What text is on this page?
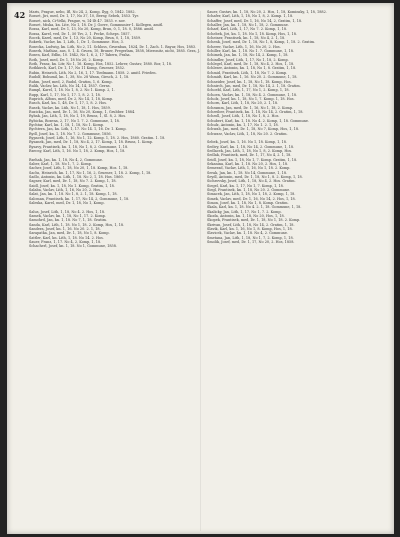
42 Maris, Prague, nebo, Ifl, No 24, 2, Komp, Ilyg, 0, 1842. 1882.

Rosset, Jiri, med, Dr. 1, 17, No 37, 10, Berny, Sebek, 1853. Tyr.

Rosset, nick, Ci-Velki, Prague, w, 14-Ilt 47. 1853. v. nov.

Rosset, Miska, kn. Lite, No 1, 18. Dr. J. Gorre, Gommunier-1. Kollegen, amitl.

Rozsa, Karl, med, Dr. 1, 13, No 20, Komp, Brun, 0, 1, 18. 0, 1886. amitl.

Rozsa, Karel, ved, Dr. 1, 50 Tsv, 2, 1. Pecke, Scheps. 1857.

Rocek, Karel, med, Dr. 1, 13, No 20, Komp, Brun, 0, 1, 18, 1859.

Rokrek, Vaclav, kn. 1, Lith, 1, Dr. 1, Gommune. Hos, 3.

Rosecka, Ludwig, kn. Lith, No 2, 11. Schloss, Gruenbau, 1824, Dr. 1, Zach. 1. Bayur, Hos, 1883.

Roserk, Mathias, aus, 0. 1, 4. Gruen, 10, Bruner, Pregerlam, 1858, Mieronitz, nicht, 1885. Gera, J.

Rosen, Karl, Edlin, 10. 1842, No 1, 6, 2, 17 Tabern, Praha.

Roth, Josef, med, Dr. 1, 18 No 20, 2. Komp.

Roth, Franz, kn. Litr, No 1, 16. Komp, Hos, 1852. Lehrer, Gustav, 1880. Bor, 1, 18.

Rothkirch, Karl, Dr. 1, 17, No 11 Komp, Gruener, 1852.

Rubin, Heinrich, Lith, No 2, 16, 1, 17. Tiedmann. 1858. 2. amitl. Frieden.

Rudolf, Bohumil, kn. 1, 38, No. 28 Wann, Giesch, 2. 1, 18.

Ruhm, Josef, med, 2, Rudol, Gratim, 1, 6. Komp.

Rulik, Vaclav, kn. Lith, No 14, 14, 1857. Gerns.

Rumpl, Karel, 1, 18. No 1, 8, 2. No 1. Komp. 2, 1.

Rupp, Karl, 1, 17, No 1, 17. 1, 8. 2. 1, 18.

Ruprich, Alfons, med, Dr. 2, No 14, 1, 18, Komp.

Rusch, Karl, kn. 1, 48, Dr. 1, 17, 1, 8. 2. Hos.

Rusek, Vaclav, kn. Ltih, No 1, 18, 1. Hos, 1859.

Ruzicka, Jan, med, Dr. 1, 16, No 20, Komp, 1, Grubber. 1884.

Rybak, Jan, Lith, 1, 18, No 1, 19, Bruns, 1, Sl. 8, 2. Hos.

Rybicka, Bozena, 2, 17, No 1. 7. 2. Gommune, 1, 18.

Rychtar, Karl, kn. 1, 18, 1, 18, No 1. Komp.

Rychtera, Jan, kn. Lith, 1, 17. No 14. 1, 16. Dr. 1. Komp.

Rydl, Josef, kn. 1, 18. No 7. 2. Gommune, 1856.

Rypacek, Josef, Lith, 1, 16, No 1, 12. Komp. 1, 18. 2. Hos, 1860. Gratim. 1. 18.

Rysanek, Jan, med, Dr. 1, 18, No 4, 2, 17. Komp, 1, 18. Bruns, 1. Komp.

Rysavy, Frantisek, kn. 1, 18, No 1, 8, 2. Gommune, 1, 18.

Rzecny, Karl, Lith, 1, 16. No 1, 18, 2. Komp, Hos, 1, 18.

Rzehak, Jan, kn. 1, 18, No 4, 2, Gommune.

Saber, Karl, 1, 18. No 1, 7, 2. Komp.

Sacher, Josef, Lith, 1, 18, No 20, 1, 18. Komp, Hos. 1, 18.

Sachs, Heinrich, kn. 1, 17, No 1, 16, 2, Gruener, 1, 18. 2. Komp, 1, 18.

Sadlo, Antonin, kn. Lith, 1, 18. No 2, 1, 18. Hos. 1860.

Sagner, Karl, med, Dr. 1, 18, No 7. 2. Komp, 1, 18.

Saidl, Josef, kn. 1, 18, No 1. Komp, Gratim, 1, 18.

Salaba, Vaclav, Lith, 1, 16, No 20, 2. Hos.

Salat, Jan, kn. 1, 18. No 1, 8, 2. 1, 18. Komp, 1, 18.

Salcman, Frantisek, kn. 1, 17, No 14, 2, Gommune, 1, 18.

Saleska, Karel, med, Dr. 1, 18, No 1, Komp.

Salus, Josef, Lith, 1, 18, No 4. 2. Hos, 1, 18.

Samek, Vaclav, kn. 1, 18, No 1, 17. 2. Komp.

Samohrd, Jan, kn. 1, 18. No 7, 1, 18. Gratim.

Sanda, Karl, Lith, 1, 18. No 1, 18. 2. Komp, Hos, 1, 18.

Sandera, Josef, kn. 1, 16. No 20. 2. 1, 18.

Sarapatka, Jan, med, Dr. 1, 18, No 1, 8. Komp.

Sattler, Karl, kn. Lith, 1, 18. No 14. 2. Hos.

Sauer, Franz, 1, 17. No 4, 2, Komp, 1, 18.

Schacherl, Josef, kn. 1, 18. No 1, Gommune, 1858.

Sauer, Gustav, kn. 1, 18, No 20, 2. Hos, 1, 18, Kominsky, 1, 18, 1882.

Schafer, Karl, Lith, 1, 18, No 1, 8, 2. Komp. 1, 18.

Schaffer, Josef, med, Dr. 1, 16, No 14, 2, Gratim, 1, 18.

Schaller, Jan, kn. 1, 18, No 1, 18, 2. Gommune.

Scharf, Karl, Lith, 1, 17, No 7. 2. Komp, 1, 18.

Schebek, Jiri, kn. 1, 18. No 1, 18. Komp, Hos, 1, 18.

Scheiner, Frantisek, kn. 1, 18, No 4, 2. 1, 18.

Schenk, Josef, med, Dr. 1, 18, No 1, 8, Komp, 1, 18. 2. Gratim.

Scherer, Vaclav, Lith, 1, 16, No 20, 2. Hos.

Schiller, Karl, kn. 1, 18. No 1. 7. Gommune, 1, 18.

Schimek, Jan, kn. 1, 18, No 14, 2. Komp, 1, 18.

Schindler, Josef, Lith, 1, 17, No 1, 18, 2. Komp.

Schlegel, Karl, med, Dr. 1, 18, No 4, 2. Hos, 1, 18.

Schleser, Antonin, kn. 1, 18, No 1, 8. Gratim, 1, 18.

Schmid, Frantisek, Lith, 1, 18, No 7. 2. Komp.

Schmidt, Karl, kn. 1, 16. No 20. 2. Gommune, 1, 18.

Schneider, Josef, kn. 1, 18, No 1, 18. Komp, Hos.

Schnirch, Jan, med, Dr. 1, 18, No 14, 2. 1, 18. Gratim.

Schoebl, Karl, Lith, 1, 17, No 1, 2. Komp, 1, 18.

Schoen, Vaclav, kn. 1, 18, No 4. 2. Gommune, 1, 18.

Scholz, Josef, kn. 1, 18, No 1, 7. Komp. 1, 18. Hos.

Schorn, Karl, Lith, 1, 18, No 20, 2. 1, 18.

Schramm, Jan, med, Dr. 1, 16, No 1, 18, 2. Komp.

Schreiber, Frantisek, kn. 1, 18, No 14, 2. Gratim, 1, 18.

Schroll, Josef, Lith, 1, 18, No 1, 8, 2. Hos.

Schubert, Karl, kn. 1, 18. No 4. 2. Komp, 1, 18. Gommune.

Schulz, Antonin, kn. 1, 17, No 1. 2. 1, 18.

Schwab, Jan, med, Dr. 1, 18, No 7, Komp, Hos, 1, 18.

Schwarz, Vaclav, Lith, 1, 18, No 20. 2. Gratim.

Sebek, Josef, kn. 1, 16. No 1, 18. Komp, 1, 18.

Sedivy, Karl, kn. 1, 18, No 14, 2. Gommune, 1, 18.

Sedlacek, Jan, Lith, 1, 18, No 1, 8, 2. Komp, Hos.

Sedlak, Frantisek, med, Dr. 1, 17, No 4, 2. 1, 18.

Seidl, Josef, kn. 1, 18, No 1, 7. Komp. Gratim, 1, 18.

Sekanina, Karl, kn. 1, 18. No 20, 2. Hos, 1, 18.

Semerad, Vaclav, Lith, 1, 16, No 1, 18. 2. Komp.

Serak, Jan, kn. 1, 18. No 14, Gommune, 1, 18.

Seydl, Antonin, med, Dr. 1, 18, No 1, 8. 2. Komp, 1, 18.

Sichrovsky, Josef, Lith, 1, 18, No 4, 2. Hos. Gratim.

Siegel, Karl, kn. 1, 17, No 1, 7. Komp, 1, 18.

Siegl, Frantisek, kn. 1, 18, No 20. 2. Gommune.

Simacek, Jan, Lith, 1, 18, No 1, 18, 2. Komp, 1, 18.

Simek, Vaclav, med, Dr. 1, 16, No 14, 2. Hos, 1, 18.

Simon, Josef, kn. 1, 18, No 1, 8, Komp. Gratim.

Skala, Karl, kn. 1, 18. No 4. 2. 1, 18. Gommune, 1, 18.

Skalicky, Jan, Lith, 1, 17, No 1, 7. 2. Komp.

Skoda, Antonin, kn. 1, 18, No 20, Hos, 1, 18.

Skopek, Frantisek, med, Dr. 1, 18, No 1, 18. 2. Komp.

Skrivan, Josef, Lith, 1, 18, No 14, 2. Gratim, 1, 18.

Slavik, Karl, kn. 1, 16, No 1, 8. Komp, Hos, 1, 18.

Slavicek, Vaclav, kn. 1, 18. No 4, 2. Gommune.

Smetana, Jan, Lith, 1, 18, No 1, 7, 2. Komp, 1, 18.

Smolik, Josef, med, Dr. 1, 17, No 20, 2. Hos, 1858.
